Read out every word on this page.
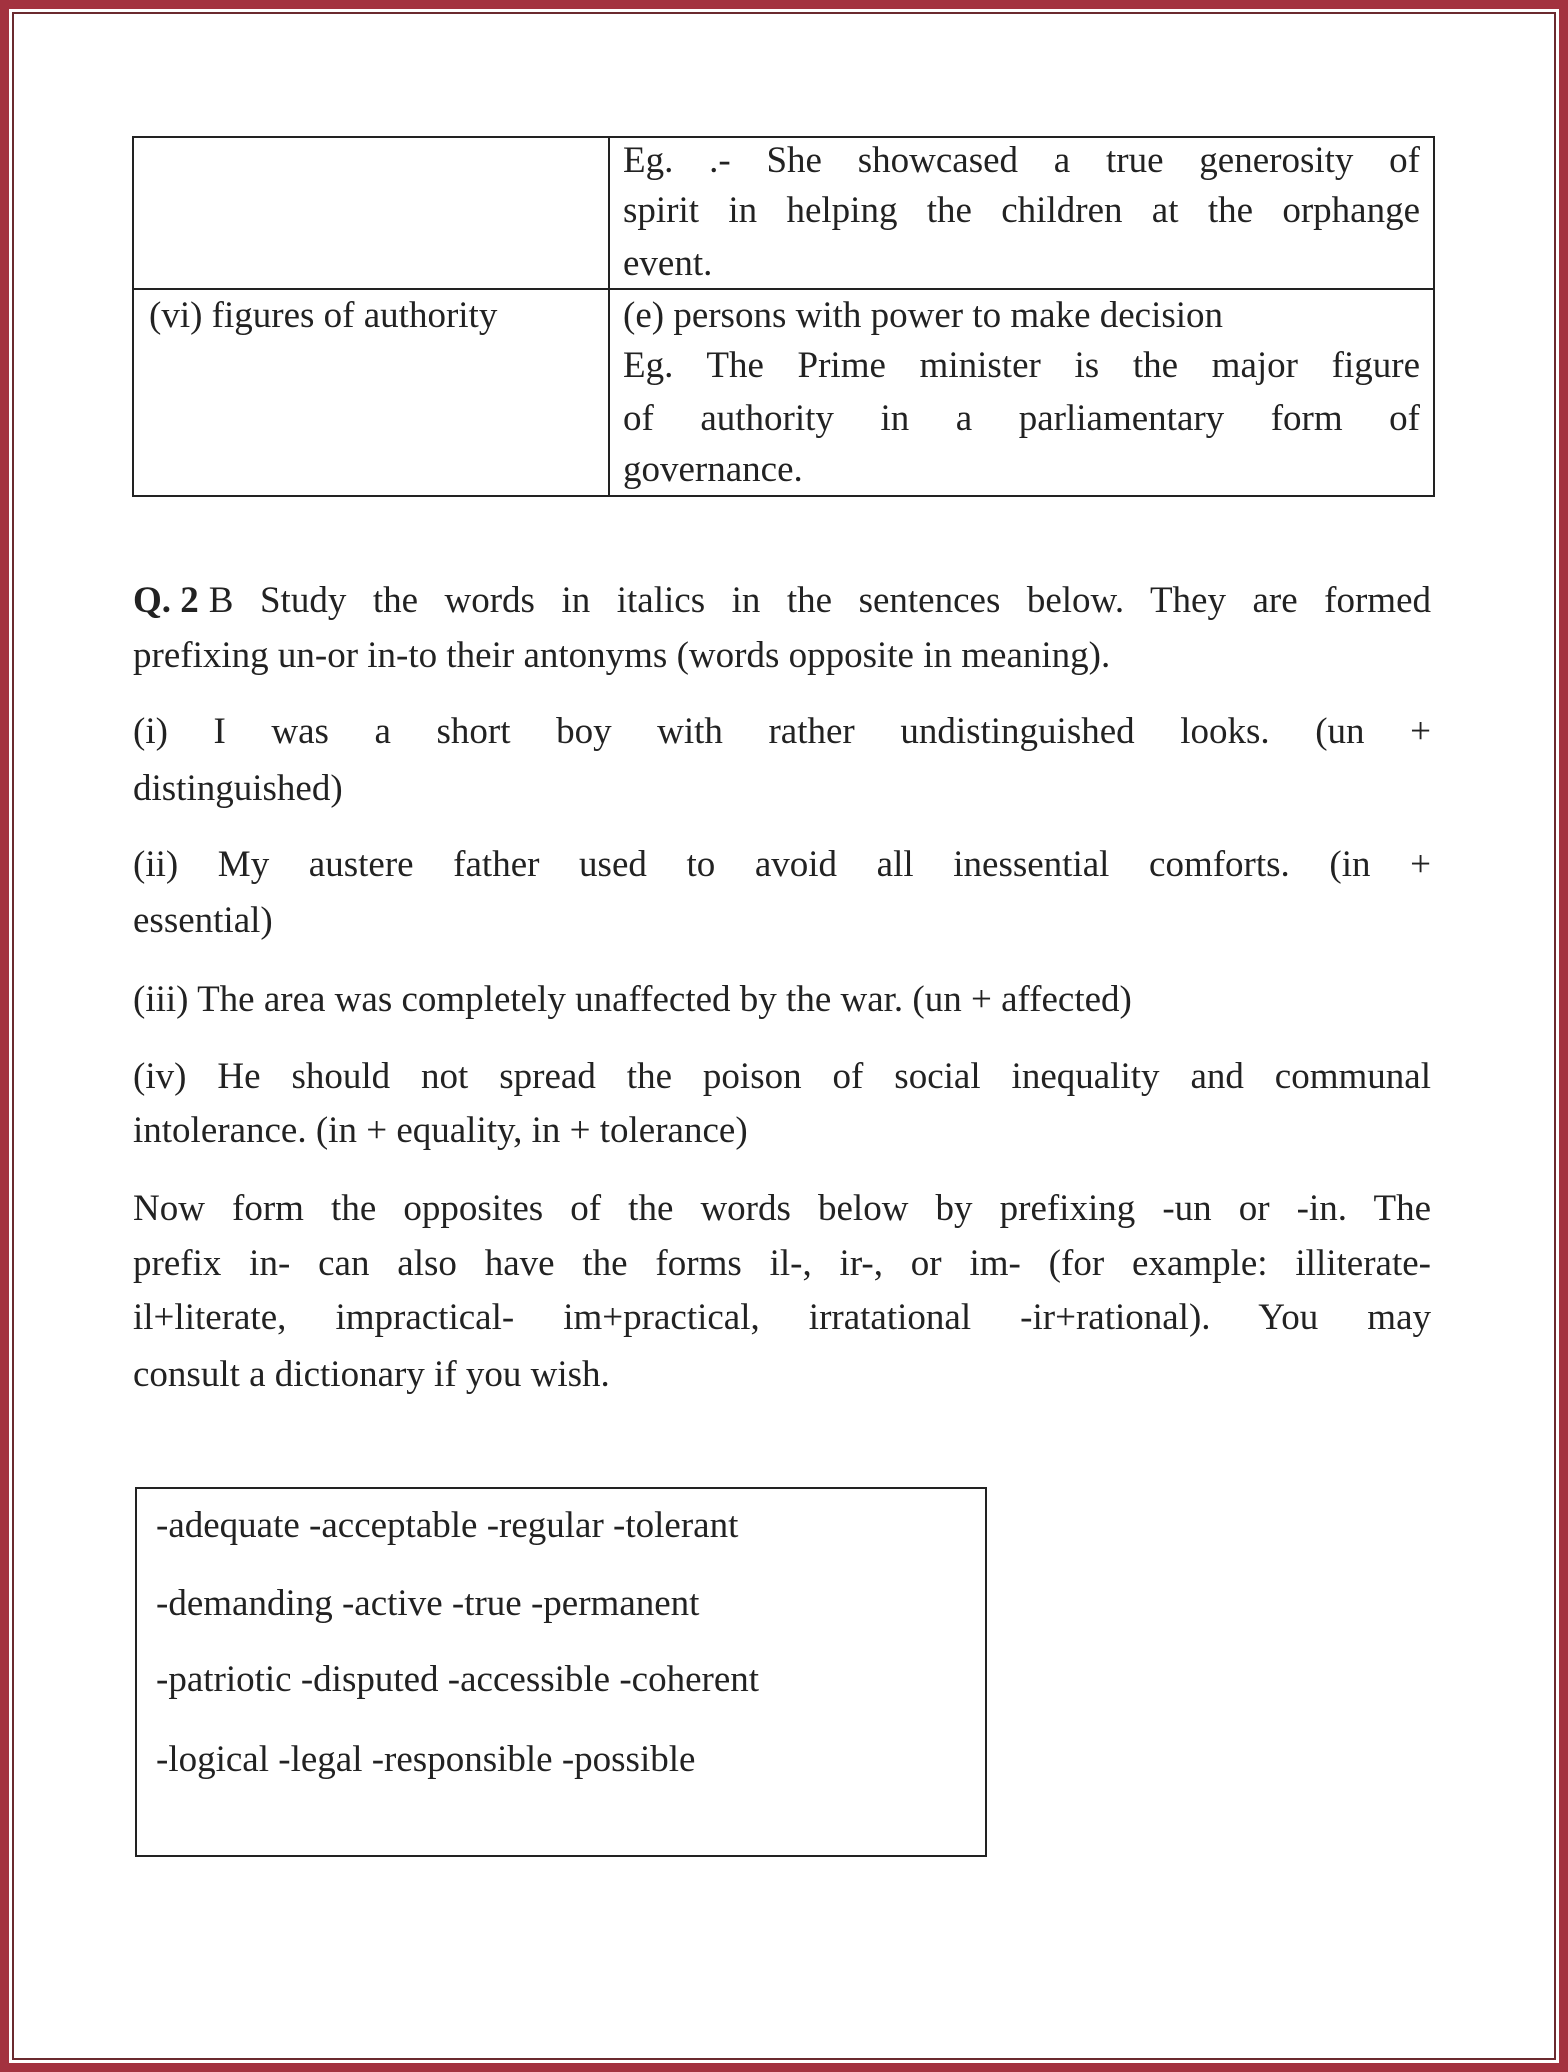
Eg. .- She showcased a true generosity of
spirit in helping the children at the orphange
event.
(vi) figures of authority	(e) persons with power to make decision
Eg. The Prime minister is the major figure
of authority in a parliamentary form of
governance.
Q. 2 B Study the words in italics in the sentences below. They are formed
prefixing un-or in-to their antonyms (words opposite in meaning).
(i) I was a short boy with rather undistinguished looks. (un +
distinguished)
(ii) My austere father used to avoid all inessential comforts. (in +
essential)
(iii) The area was completely unaffected by the war. (un + affected)
(iv) He should not spread the poison of social inequality and communal
intolerance. (in + equality, in + tolerance)
Now form the opposites of the words below by prefixing -un or -in. The
prefix in- can also have the forms il-, ir-, or im- (for example: illiterate-
il+literate, impractical- im+practical, irratational -ir+rational). You may
consult a dictionary if you wish.
-adequate -acceptable -regular -tolerant
-demanding -active -true -permanent
-patriotic -disputed -accessible -coherent
-logical -legal -responsible -possible
